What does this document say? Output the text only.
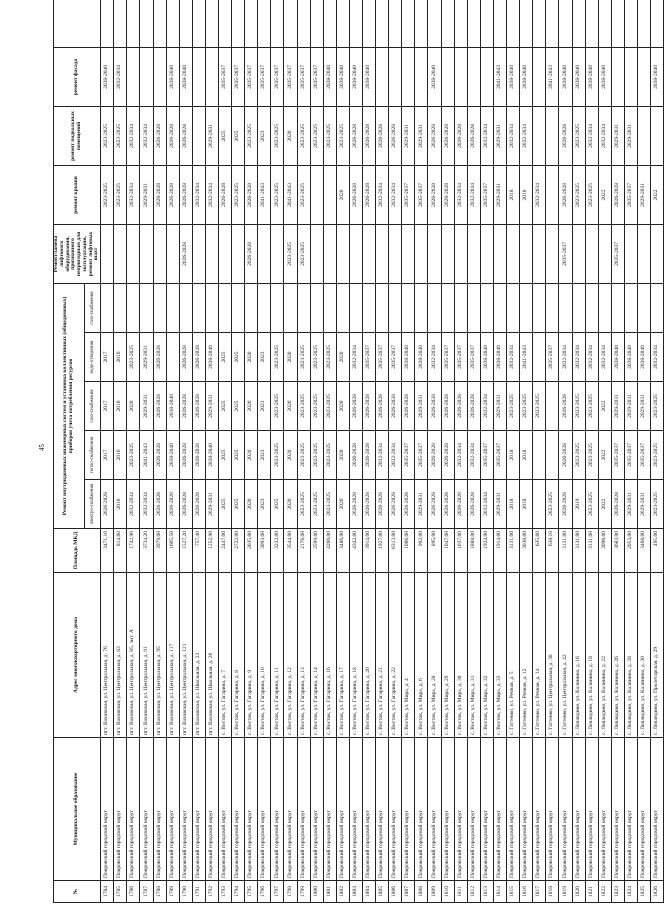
45
№	Муниципальное образование	Адрес многоквартирного дома	Площадь МКД	Ремонт внутридомовых инженерных систем и установка коллективных (общедомовых) приборов учета потребления ресурсов					Ремонт/замена лифтового оборудования, признанного непригодным для эксплуатации, ремонт лифтовых шахт	ремонт крыши	ремонт подвальных помещений	ремонт фасада	
				электро-снабжения	тепло-снабжения	газо-снабжения	водо-отведения	газо-снабжения					
1784	Покровский городской округ	пгт. Ваховская, ул. Центральная, д. 76	3471,10	2026-2028	2017	2017	2017			2023-2025	2023-2025	2038-2040	
1785	Покровский городской округ	пгт. Ваховская, ул. Центральная, д. 83	814,60	2016	2016	2016	2016			2023-2025	2023-2025	2032-2034	
1786	Покровский городской округ	пгт. Ваховская, ул. Центральная, д. 85, лит. А	1742,90	2032-2034	2023-2025	2020	2023-2025			2032-2034	2032-2034		
1787	Покровский городской округ	пгт. Ваховская, ул. Центральная, д. 91	3734,20	2032-2034	2041-2043	2029-2031	2029-2031			2029-2031	2032-2034		
1788	Покровский городской округ	пгт. Ваховская, ул. Центральная, д. 95	3979,00	2026-2028	2026-2028	2026-2028	2026-2028			2026-2028	2026-2028		
1789	Покровский городской округ	пгт. Ваховская, ул. Центральная, д. 117	1665,50	2026-2028	2038-2040	2038-2040				2026-2028	2026-2028	2038-2040	
1790	Покровский городской округ	пгт. Ваховская, ул. Центральная, д. 121	1527,20	2026-2028	2026-2028	2026-2028	2026-2028		2026-2028	2026-2028	2026-2028	2038-2040	
1791	Покровский городской округ	пгт. Ваховская, ул. Школьная, д. 23	757,40	2026-2028	2026-2028	2026-2028	2026-2028			2032-2034			
1792	Покровский городской округ	пгт. Ваховская, ул. Школьная, д. 26	1252,90	2029-2031	2038-2040	2029-2031	2038-2040			2032-2034	2029-2031		
1793	Покровский городской округ	с. Восток, ул. Гагарина, д. 7	2447,00	2025	2025	2025	2025			2026-2028	2025	2035-2037	
1794	Покровский городской округ	с. Восток, ул. Гагарина, д. 8	2722,00	2025	2025	2025	2025			2023-2025	2025	2035-2037	
1795	Покровский городской округ	с. Восток, ул. Гагарина, д. 9	2035,00	2020	2020	2020	2020		2026-2028	2026-2028	2023-2025	2035-2037	
1796	Покровский городской округ	с. Восток, ул. Гагарина, д. 10	3093,00	2023	2023	2023	2023			2041-2043	2023	2035-2037	
1797	Покровский городской округ	с. Восток, ул. Гагарина, д. 11	3232,00	2025	2023-2025	2023-2025	2023-2025			2023-2025	2023-2025	2035-2037	
1798	Покровский городской округ	с. Восток, ул. Гагарина, д. 12	3544,00	2020	2020	2020	2020		2023-2025	2041-2043	2020	2035-2037	
1799	Покровский городской округ	с. Восток, ул. Гагарина, д. 13	2176,00	2023-2025	2023-2025	2023-2025	2023-2025		2023-2025	2023-2025	2023-2025	2035-2037	
1800	Покровский городской округ	с. Восток, ул. Гагарина, д. 14	2599,00	2023-2025	2023-2025	2023-2025	2023-2025				2023-2025	2035-2037	
1801	Покровский городской округ	с. Восток, ул. Гагарина, д. 16	4200,00	2023-2025	2023-2025	2023-2025	2023-2025				2023-2025	2038-2040	
1802	Покровский городской округ	с. Восток, ул. Гагарина, д. 17	3486,00	2020	2020	2020	2020			2020	2023-2025	2038-2040	
1803	Покровский городской округ	с. Восток, ул. Гагарина, д. 18	4342,00	2026-2028	2026-2028	2026-2028	2032-2034			2026-2028	2026-2028	2038-2040	
1804	Покровский городской округ	с. Восток, ул. Гагарина, д. 20	3914,00	2026-2028	2026-2028	2026-2028	2035-2037			2026-2028	2026-2028	2038-2040	
1805	Покровский городской округ	с. Восток, ул. Гагарина, д. 21	1927,00	2026-2028	2032-2034	2026-2028	2035-2037			2032-2034	2026-2028		
1806	Покровский городской округ	с. Восток, ул. Гагарина, д. 22	6313,00	2026-2028	2032-2034	2026-2028	2035-2037			2032-2034	2026-2028		
1807	Покровский городской округ	с. Восток, ул. Мира, д. 4	1006,00	2026-2028	2035-2037	2026-2028	2038-2040			2035-2037	2029-2031		
1808	Покровский городской округ	с. Восток, ул. Мира, д. 6	992,00	2029-2031	2035-2037	2029-2031	2038-2040			2035-2037	2029-2031		
1809	Покровский городской округ	с. Восток, ул. Мира, д. 28	895,00	2026-2028	2026-2028	2026-2028	2032-2034			2026-2028	2026-2028	2038-2040	
1810	Покровский городской округ	с. Восток, ул. Мира, д. 29	1047,00	2026-2028	2026-2028	2026-2028	2035-2037			2026-2028	2026-2028		
1811	Покровский городской округ	с. Восток, ул. Мира, д. 30	1037,00	2026-2028	2032-2034	2026-2028	2035-2037			2032-2034	2026-2028		
1812	Покровский городской округ	с. Восток, ул. Мира, д. 31	1888,00	2026-2028	2032-2034	2026-2028	2035-2037			2032-2034	2026-2028		
1813	Покровский городской округ	с. Восток, ул. Мира, д. 32	1924,00	2032-2034	2035-2037	2032-2034	2038-2040			2035-2037	2032-2034		
1814	Покровский городской округ	с. Восток, ул. Мира, д. 33	1914,00	2029-2031	2035-2037	2029-2031	2038-2040			2029-2031	2029-2031	2041-2043	
1815	Покровский городской округ	с. Гаттенко, ул. Речная, д. 5	3131,00	2018	2018	2023-2025	2032-2034			2018	2032-2034	2038-2040	
1816	Покровский городской округ	с. Гаттенко, ул. Речная, д. 12	3036,00	2018	2018	2023-2025	2041-2043			2018	2032-2034	2038-2040	
1817	Покровский городской округ	с. Гаттенко, ул. Речная, д. 14	635,60			2023-2025				2032-2034			
1818	Покровский городской округ	с. Гаттенко, ул. Центральная, д. 38	638,10	2023-2025			2035-2037					2041-2043	
1819	Покровский городской округ	с. Гаттенко, ул. Центральная, д. 42	3131,00	2026-2028	2026-2028	2026-2028	2032-2034		2035-2037	2026-2028	2026-2028	2038-2040	
1820	Покровский городской округ	с. Лопандино, ул. Калинина, д. 16	3131,00	2019	2023-2025	2023-2025	2032-2034			2023-2025	2023-2025	2038-2040	
1821	Покровский городской округ	с. Лопандино, ул. Калинина, д. 18	3131,00	2023-2025	2023-2025	2023-2025	2032-2034			2023-2025	2032-2034	2038-2040	
1822	Покровский городской округ	с. Лопандино, ул. Калинина, д. 22	3096,00	2022	2022	2022	2032-2034			2022	2032-2034	2038-2040	
1823	Покровский городской округ	с. Лопандино, ул. Калинина, д. 26	3683,00	2026-2028	2035-2037	2029-2031	2038-2040		2035-2037	2026-2028	2029-2031		
1824	Покровский городской округ	с. Лопандино, ул. Калинина, д. 28	2053,00	2029-2031	2035-2037	2029-2031	2038-2040			2035-2037	2029-2031		
1825	Покровский городской округ	с. Лопандино, ул. Калинина, д. 30	3408,00	2029-2031	2035-2037	2029-2031	2038-2040			2029-2031			
1826	Покровский городской округ	с. Лопандино, ул. Пролетарская, д. 29	495,00	2023-2025	2023-2025	2023-2025	2032-2034			2022		2038-2040	
